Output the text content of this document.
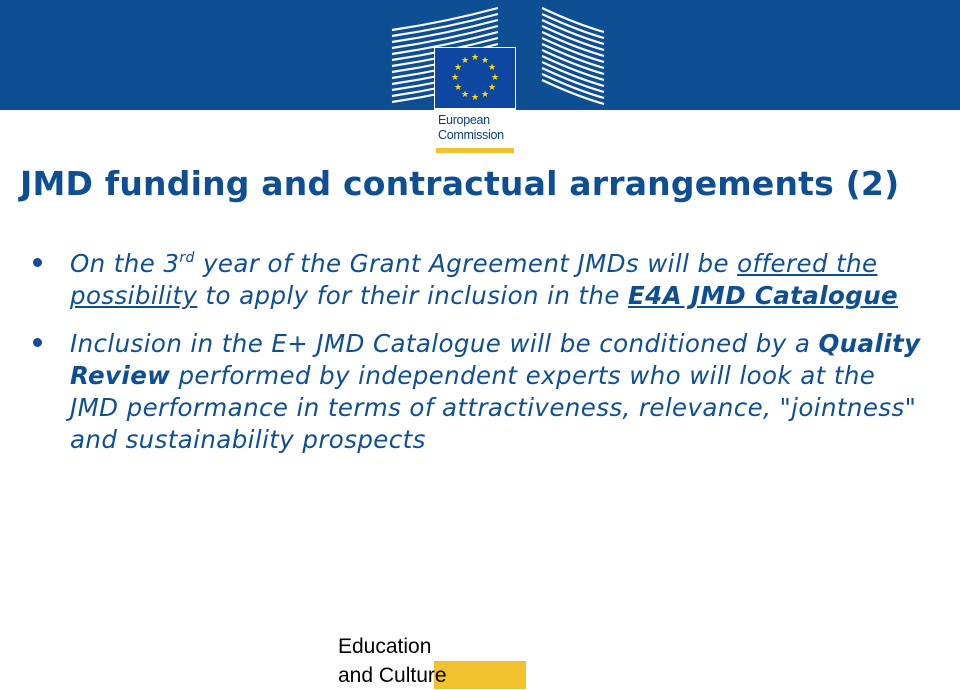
★ ★
★
★
★
★
★
★
★
★
★
★
European
Commission
JMD funding and contractual arrangements (2)
On the 3rd year of the Grant Agreement JMDs will be offered the possibility to apply for their inclusion in the E4A JMD Catalogue
Inclusion in the E+ JMD Catalogue will be conditioned by a Quality Review performed by independent experts who will look at the JMD performance in terms of attractiveness, relevance, "jointness" and sustainability prospects
Education
and Culture
